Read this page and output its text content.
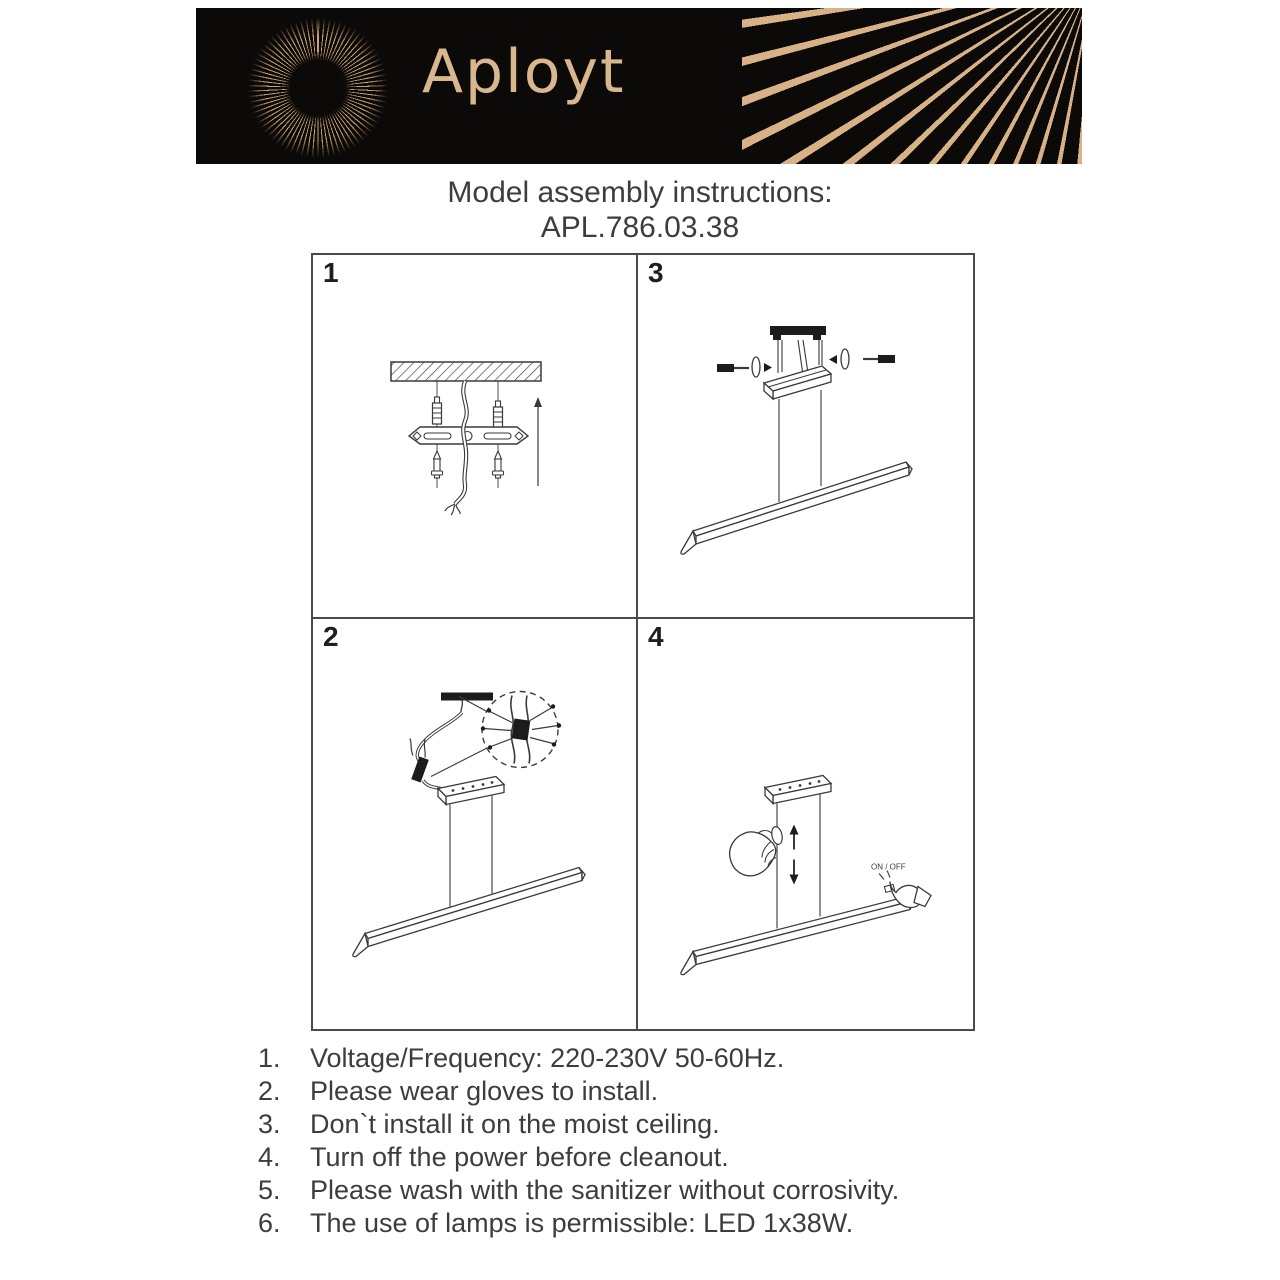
Aployt
Model assembly instructions:
APL.786.03.38
1	3
2	4
ON / OFF
1.	Voltage/Frequency: 220-230V 50-60Hz.
2.	Please wear gloves to install.
3.	Don`t install it on the moist ceiling.
4.	Turn off the power before cleanout.
5.	Please wash with the sanitizer without corrosivity.
6.	The use of lamps is permissible: LED 1x38W.
